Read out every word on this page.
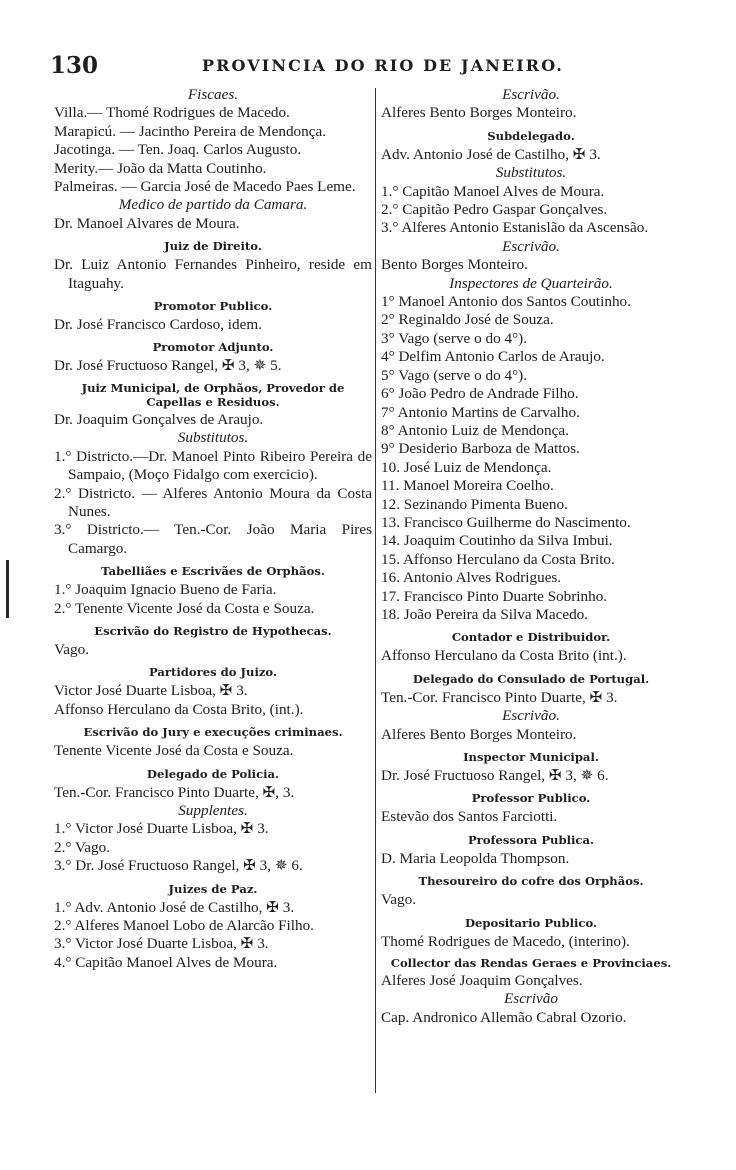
130	PROVINCIA DO RIO DE JANEIRO.
Fiscaes.
Villa.— Thomé Rodrigues de Macedo.
Marapicú. — Jacintho Pereira de Mendonça.
Jacotinga. — Ten. Joaq. Carlos Augusto.
Merity.— João da Matta Coutinho.
Palmeiras. — Garcia José de Macedo Paes Leme.
Medico de partido da Camara.
Dr. Manoel Alvares de Moura.
Juiz de Direito.
Dr. Luiz Antonio Fernandes Pinheiro, reside em Itaguahy.
Promotor Publico.
Dr. José Francisco Cardoso, idem.
Promotor Adjunto.
Dr. José Fructuoso Rangel, ✠ 3, ✵ 5.
Juiz Municipal, de Orphãos, Provedor de Capellas e Residuos.
Dr. Joaquim Gonçalves de Araujo.
Substitutos.
1.° Districto.—Dr. Manoel Pinto Ribeiro Pereira de Sampaio, (Moço Fidalgo com exercicio).
2.° Districto. — Alferes Antonio Moura da Costa Nunes.
3.° Districto.— Ten.-Cor. João Maria Pires Camargo.
Tabelliães e Escrivães de Orphãos.
1.° Joaquim Ignacio Bueno de Faria.
2.° Tenente Vicente José da Costa e Souza.
Escrivão do Registro de Hypothecas.
Vago.
Partidores do Juizo.
Victor José Duarte Lisboa, ✠ 3.
Affonso Herculano da Costa Brito, (int.).
Escrivão do Jury e execuções criminaes.
Tenente Vicente José da Costa e Souza.
Delegado de Policia.
Ten.-Cor. Francisco Pinto Duarte, ✠, 3.
Supplentes.
1.° Victor José Duarte Lisboa, ✠ 3.
2.° Vago.
3.° Dr. José Fructuoso Rangel, ✠ 3, ✵ 6.
Juizes de Paz.
1.° Adv. Antonio José de Castilho, ✠ 3.
2.° Alferes Manoel Lobo de Alarcão Filho.
3.° Victor José Duarte Lisboa, ✠ 3.
4.° Capitão Manoel Alves de Moura.
Escrivão.
Alferes Bento Borges Monteiro.
Subdelegado.
Adv. Antonio José de Castilho, ✠ 3.
Substitutos.
1.° Capitão Manoel Alves de Moura.
2.° Capitão Pedro Gaspar Gonçalves.
3.° Alferes Antonio Estanislão da Ascensão.
Escrivão.
Bento Borges Monteiro.
Inspectores de Quarteirão.
1° Manoel Antonio dos Santos Coutinho.
2° Reginaldo José de Souza.
3° Vago (serve o do 4°).
4° Delfim Antonio Carlos de Araujo.
5° Vago (serve o do 4°).
6° João Pedro de Andrade Filho.
7° Antonio Martins de Carvalho.
8° Antonio Luiz de Mendonça.
9° Desiderio Barboza de Mattos.
10. José Luiz de Mendonça.
11. Manoel Moreira Coelho.
12. Sezinando Pimenta Bueno.
13. Francisco Guilherme do Nascimento.
14. Joaquim Coutinho da Silva Imbui.
15. Affonso Herculano da Costa Brito.
16. Antonio Alves Rodrigues.
17. Francisco Pinto Duarte Sobrinho.
18. João Pereira da Silva Macedo.
Contador e Distribuidor.
Affonso Herculano da Costa Brito (int.).
Delegado do Consulado de Portugal.
Ten.-Cor. Francisco Pinto Duarte, ✠ 3.
Escrivão.
Alferes Bento Borges Monteiro.
Inspector Municipal.
Dr. José Fructuoso Rangel, ✠ 3, ✵ 6.
Professor Publico.
Estevão dos Santos Farciotti.
Professora Publica.
D. Maria Leopolda Thompson.
Thesoureiro do cofre dos Orphãos.
Vago.
Depositario Publico.
Thomé Rodrigues de Macedo, (interino).
Collector das Rendas Geraes e Provinciaes.
Alferes José Joaquim Gonçalves.
Escrivão
Cap. Andronico Allemão Cabral Ozorio.
